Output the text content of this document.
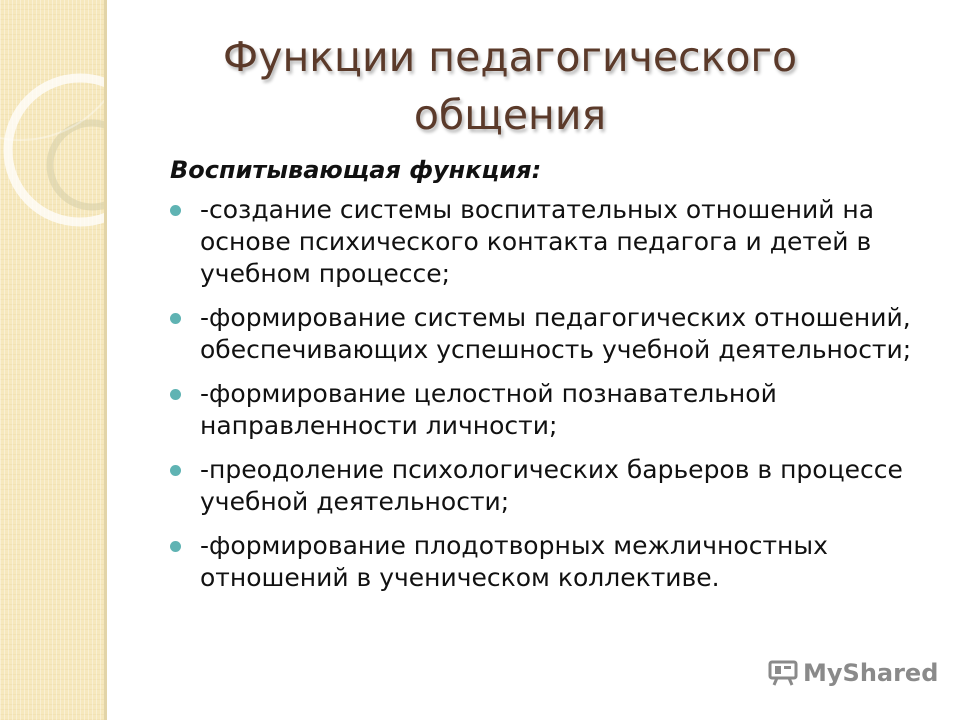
Функции педагогического
общения
Воспитывающая функция:
-создание системы воспитательных отношений на основе психического контакта педагога и детей в учебном процессе;
-формирование системы педагогических отношений, обеспечивающих успешность учебной деятельности;
-формирование целостной познавательной направленности личности;
-преодоление психологических барьеров в процессе учебной деятельности;
-формирование плодотворных межличностных отношений в ученическом коллективе.
MyShared
